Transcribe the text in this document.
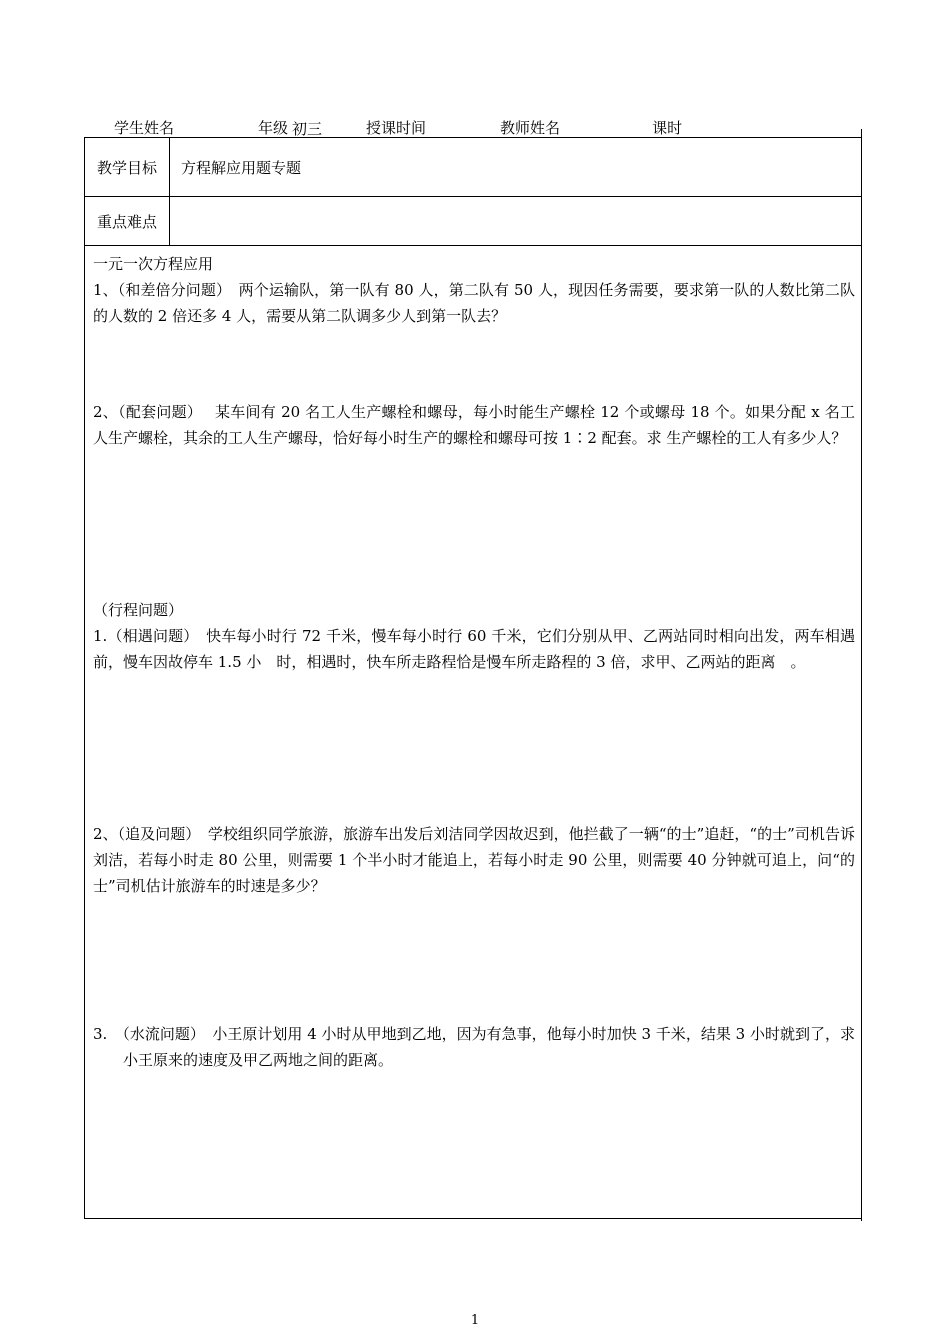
学生姓名	年级 初三	授课时间	教师姓名	课时
教学目标	方程解应用题专题
重点难点
一元一次方程应用
1、（和差倍分问题）　两个运输队，第一队有 80 人，第二队有 50 人，现因任务需要，要求第一队的人数比第二队的人数的 2 倍还多 4 人，需要从第二队调多少人到第一队去？
2、（配套问题）　 某车间有 20 名工人生产螺栓和螺母，每小时能生产螺栓 12 个或螺母 18 个。如果分配 x 名工人生产螺栓，其余的工人生产螺母，恰好每小时生产的螺栓和螺母可按 1∶2 配套。求 生产螺栓的工人有多少人？
（行程问题）
1.（相遇问题）　快车每小时行 72 千米，慢车每小时行 60 千米，它们分别从甲、乙两站同时相向出发，两车相遇前，慢车因故停车 1.5 小　时，相遇时，快车所走路程恰是慢车所走路程的 3 倍，求甲、乙两站的距离　。
2、（追及问题）　学校组织同学旅游，旅游车出发后刘洁同学因故迟到，他拦截了一辆“的士”追赶，“的士”司机告诉刘洁，若每小时走 80 公里，则需要 1 个半小时才能追上，若每小时走 90 公里，则需要 40 分钟就可追上，问“的士”司机估计旅游车的时速是多少？
3.　（水流问题）　小王原计划用 4 小时从甲地到乙地，因为有急事，他每小时加快 3 千米，结果 3 小时就到了，求小王原来的速度及甲乙两地之间的距离。
1
